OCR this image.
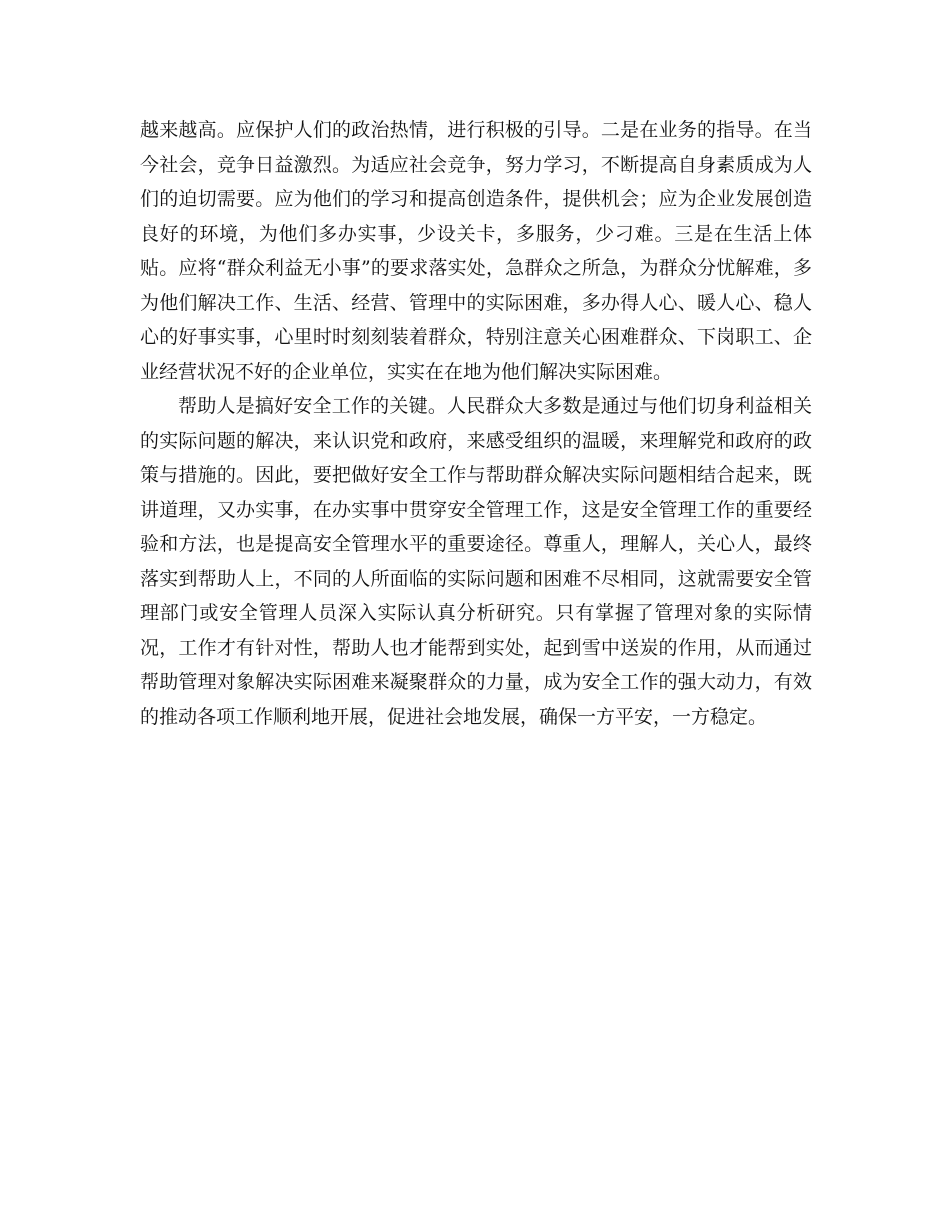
越来越高。应保护人们的政治热情，进行积极的引导。二是在业务的指导。在当今社会，竞争日益激烈。为适应社会竞争，努力学习，不断提高自身素质成为人们的迫切需要。应为他们的学习和提高创造条件，提供机会；应为企业发展创造良好的环境，为他们多办实事，少设关卡，多服务，少刁难。三是在生活上体贴。应将“群众利益无小事”的要求落实处，急群众之所急，为群众分忧解难，多为他们解决工作、生活、经营、管理中的实际困难，多办得人心、暖人心、稳人心的好事实事，心里时时刻刻装着群众，特别注意关心困难群众、下岗职工、企业经营状况不好的企业单位，实实在在地为他们解决实际困难。

帮助人是搞好安全工作的关键。人民群众大多数是通过与他们切身利益相关的实际问题的解决，来认识党和政府，来感受组织的温暖，来理解党和政府的政策与措施的。因此，要把做好安全工作与帮助群众解决实际问题相结合起来，既讲道理，又办实事，在办实事中贯穿安全管理工作，这是安全管理工作的重要经验和方法，也是提高安全管理水平的重要途径。尊重人，理解人，关心人，最终落实到帮助人上，不同的人所面临的实际问题和困难不尽相同，这就需要安全管理部门或安全管理人员深入实际认真分析研究。只有掌握了管理对象的实际情况，工作才有针对性，帮助人也才能帮到实处，起到雪中送炭的作用，从而通过帮助管理对象解决实际困难来凝聚群众的力量，成为安全工作的强大动力，有效的推动各项工作顺利地开展，促进社会地发展，确保一方平安，一方稳定。
